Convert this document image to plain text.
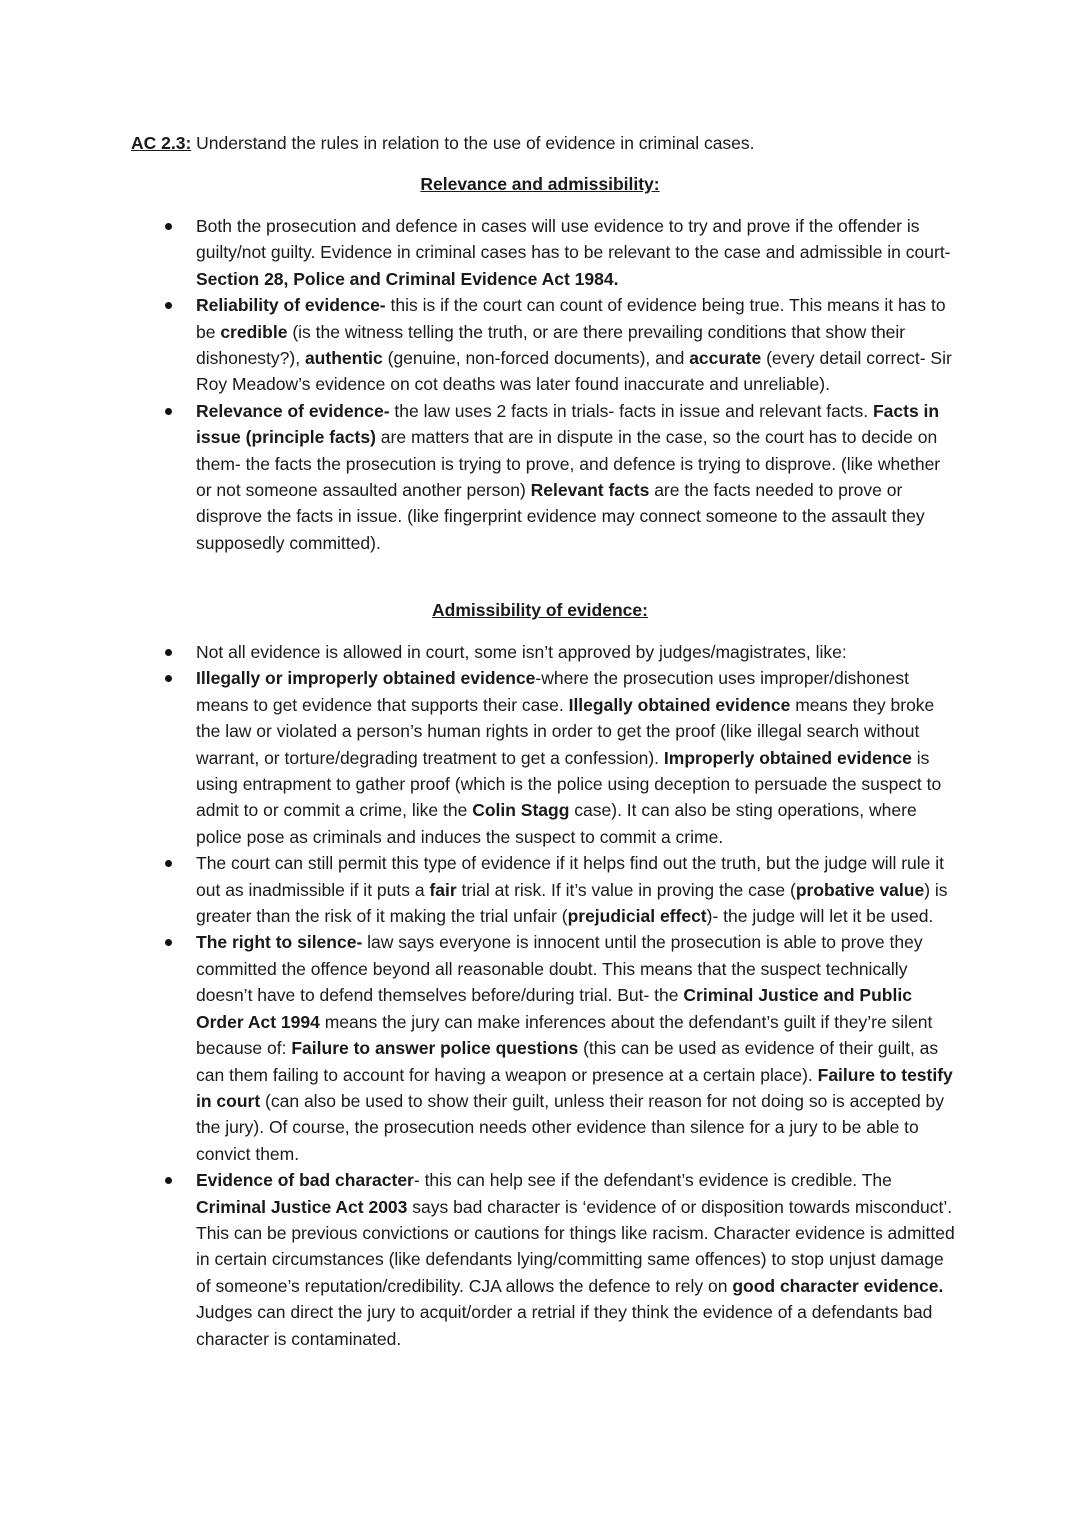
AC 2.3: Understand the rules in relation to the use of evidence in criminal cases.
Relevance and admissibility:
Both the prosecution and defence in cases will use evidence to try and prove if the offender is guilty/not guilty. Evidence in criminal cases has to be relevant to the case and admissible in court- Section 28, Police and Criminal Evidence Act 1984.
Reliability of evidence- this is if the court can count of evidence being true. This means it has to be credible (is the witness telling the truth, or are there prevailing conditions that show their dishonesty?), authentic (genuine, non-forced documents), and accurate (every detail correct- Sir Roy Meadow’s evidence on cot deaths was later found inaccurate and unreliable).
Relevance of evidence- the law uses 2 facts in trials- facts in issue and relevant facts. Facts in issue (principle facts) are matters that are in dispute in the case, so the court has to decide on them- the facts the prosecution is trying to prove, and defence is trying to disprove. (like whether or not someone assaulted another person) Relevant facts are the facts needed to prove or disprove the facts in issue. (like fingerprint evidence may connect someone to the assault they supposedly committed).
Admissibility of evidence:
Not all evidence is allowed in court, some isn’t approved by judges/magistrates, like:
Illegally or improperly obtained evidence-where the prosecution uses improper/dishonest means to get evidence that supports their case. Illegally obtained evidence means they broke the law or violated a person’s human rights in order to get the proof (like illegal search without warrant, or torture/degrading treatment to get a confession). Improperly obtained evidence is using entrapment to gather proof (which is the police using deception to persuade the suspect to admit to or commit a crime, like the Colin Stagg case). It can also be sting operations, where police pose as criminals and induces the suspect to commit a crime.
The court can still permit this type of evidence if it helps find out the truth, but the judge will rule it out as inadmissible if it puts a fair trial at risk. If it’s value in proving the case (probative value) is greater than the risk of it making the trial unfair (prejudicial effect)- the judge will let it be used.
The right to silence- law says everyone is innocent until the prosecution is able to prove they committed the offence beyond all reasonable doubt. This means that the suspect technically doesn’t have to defend themselves before/during trial. But- the Criminal Justice and Public Order Act 1994 means the jury can make inferences about the defendant’s guilt if they’re silent because of: Failure to answer police questions (this can be used as evidence of their guilt, as can them failing to account for having a weapon or presence at a certain place). Failure to testify in court (can also be used to show their guilt, unless their reason for not doing so is accepted by the jury). Of course, the prosecution needs other evidence than silence for a jury to be able to convict them.
Evidence of bad character- this can help see if the defendant’s evidence is credible. The Criminal Justice Act 2003 says bad character is ‘evidence of or disposition towards misconduct’. This can be previous convictions or cautions for things like racism. Character evidence is admitted in certain circumstances (like defendants lying/committing same offences) to stop unjust damage of someone’s reputation/credibility. CJA allows the defence to rely on good character evidence. Judges can direct the jury to acquit/order a retrial if they think the evidence of a defendants bad character is contaminated.
